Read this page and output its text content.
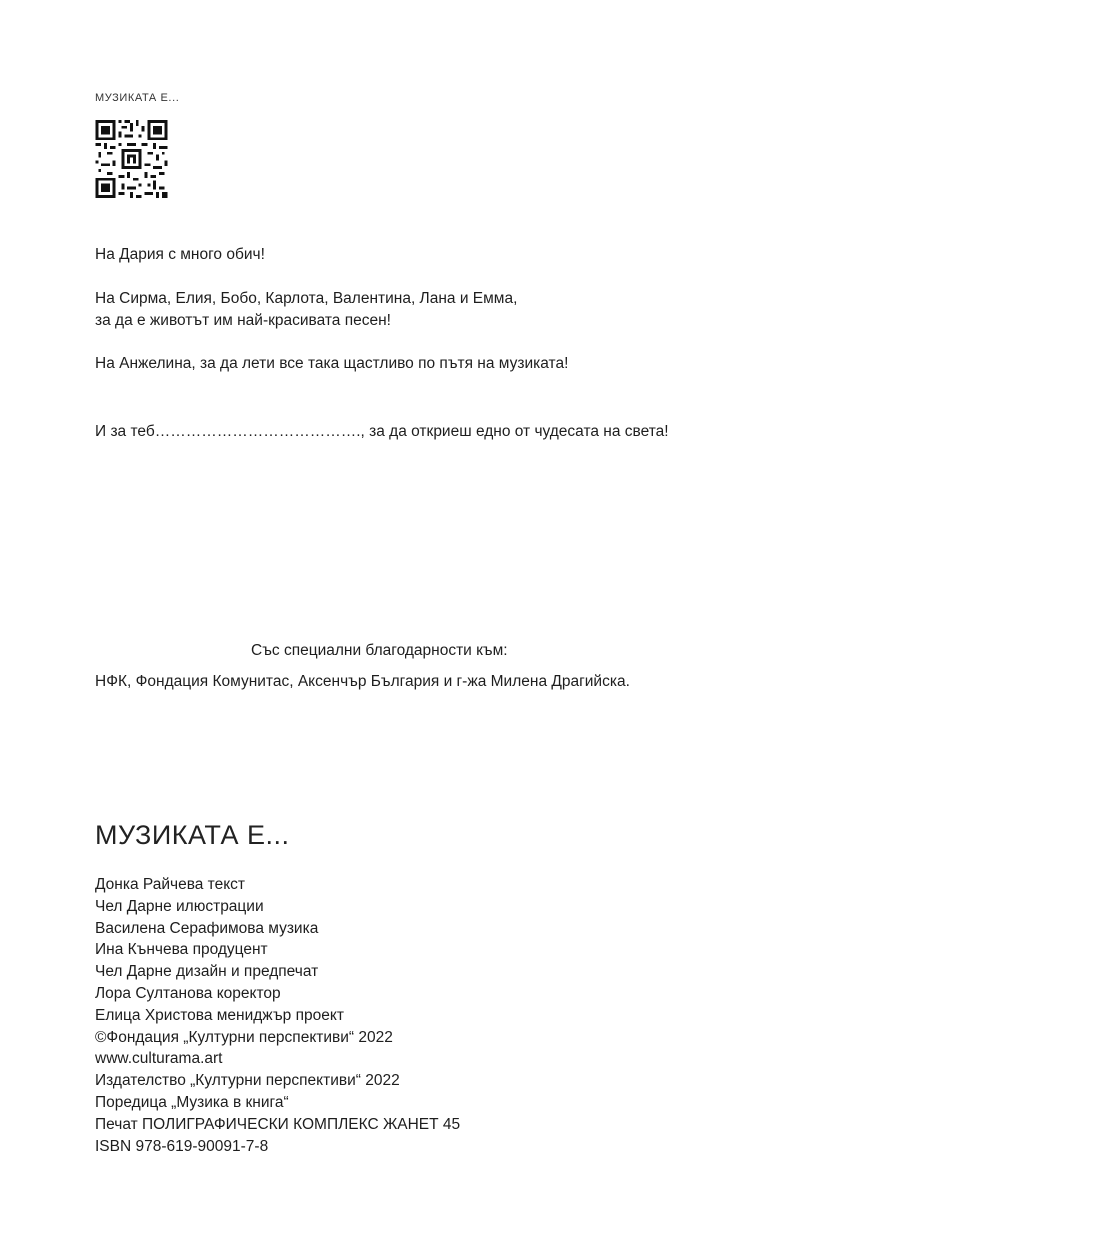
МУЗИКАТА Е...
На Дария с много обич!
На Сирма, Елия, Бобо, Карлота, Валентина, Лана и Емма,
за да е животът им най-красивата песен!
На Анжелина, за да лети все така щастливо по пътя на музиката!
И за теб…………………………………., за да откриеш едно от чудесата на света!
Със специални благодарности към:
НФК, Фондация Комунитас, Аксенчър България и г-жа Милена Драгийска.
МУЗИКАТА Е...
Донка Райчева текст
Чел Дарне илюстрации
Василена Серафимова музика
Ина Кънчева продуцент
Чел Дарне дизайн и предпечат
Лора Султанова коректор
Елица Христова мениджър проект
©Фондация „Културни перспективи“ 2022
www.culturama.art
Издателство „Културни перспективи“ 2022
Поредица „Музика в книга“
Печат ПОЛИГРАФИЧЕСКИ КОМПЛЕКС ЖАНЕТ 45
ISBN 978-619-90091-7-8
